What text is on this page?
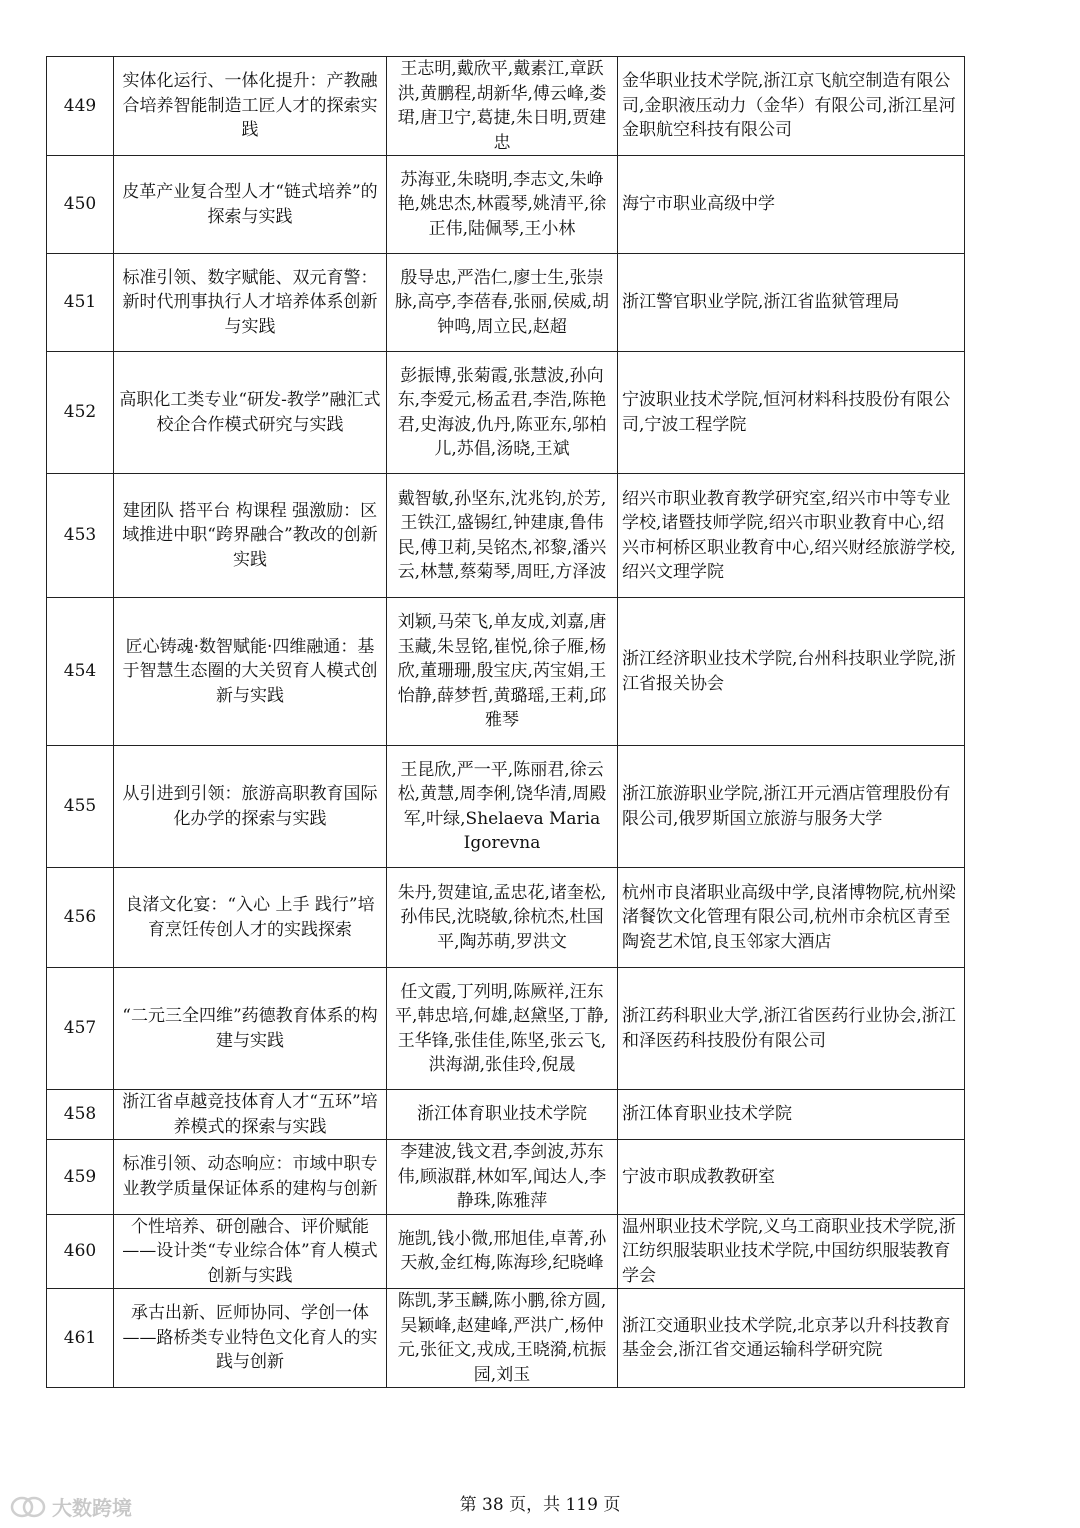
449	实体化运行、一体化提升：产教融合培养智能制造工匠人才的探索实践	王志明,戴欣平,戴素江,章跃洪,黄鹏程,胡新华,傅云峰,娄珺,唐卫宁,葛捷,朱日明,贾建忠	金华职业技术学院,浙江京飞航空制造有限公司,金职液压动力（金华）有限公司,浙江星河金职航空科技有限公司
450	皮革产业复合型人才“链式培养”的探索与实践	苏海亚,朱晓明,李志文,朱峥艳,姚忠杰,林霞琴,姚清平,徐正伟,陆佩琴,王小林	海宁市职业高级中学
451	标准引领、数字赋能、双元育警：新时代刑事执行人才培养体系创新与实践	殷导忠,严浩仁,廖士生,张崇脉,高亭,李蓓春,张丽,侯威,胡钟鸣,周立民,赵超	浙江警官职业学院,浙江省监狱管理局
452	高职化工类专业“研发-教学”融汇式校企合作模式研究与实践	彭振博,张菊霞,张慧波,孙向东,李爱元,杨孟君,李浩,陈艳君,史海波,仇丹,陈亚东,邬柏儿,苏倡,汤晓,王斌	宁波职业技术学院,恒河材料科技股份有限公司,宁波工程学院
453	建团队 搭平台 构课程 强激励：区域推进中职“跨界融合”教改的创新实践	戴智敏,孙坚东,沈兆钧,於芳,王铁江,盛锡红,钟建康,鲁伟民,傅卫莉,吴铭杰,祁黎,潘兴云,林慧,蔡菊琴,周旺,方泽波	绍兴市职业教育教学研究室,绍兴市中等专业学校,诸暨技师学院,绍兴市职业教育中心,绍兴市柯桥区职业教育中心,绍兴财经旅游学校,绍兴文理学院
454	匠心铸魂·数智赋能·四维融通：基于智慧生态圈的大关贸育人模式创新与实践	刘颖,马荣飞,单友成,刘嘉,唐玉藏,朱昱铭,崔悦,徐子雁,杨欣,董珊珊,殷宝庆,芮宝娟,王怡静,薛梦哲,黄璐瑶,王莉,邱雅琴	浙江经济职业技术学院,台州科技职业学院,浙江省报关协会
455	从引进到引领：旅游高职教育国际化办学的探索与实践	王昆欣,严一平,陈丽君,徐云松,黄慧,周李俐,饶华清,周殿军,叶绿,Shelaeva Maria Igorevna	浙江旅游职业学院,浙江开元酒店管理股份有限公司,俄罗斯国立旅游与服务大学
456	良渚文化宴：“入心 上手 践行”培育烹饪传创人才的实践探索	朱丹,贺建谊,孟忠花,诸奎松,孙伟民,沈晓敏,徐杭杰,杜国平,陶苏萌,罗洪文	杭州市良渚职业高级中学,良渚博物院,杭州梁渚餐饮文化管理有限公司,杭州市余杭区青至陶瓷艺术馆,良玉邻家大酒店
457	“二元三全四维”药德教育体系的构建与实践	任文霞,丁列明,陈厥祥,汪东平,韩忠培,何雄,赵黛坚,丁静,王华锋,张佳佳,陈坚,张云飞,洪海湖,张佳玲,倪晟	浙江药科职业大学,浙江省医药行业协会,浙江和泽医药科技股份有限公司
458	浙江省卓越竞技体育人才“五环”培养模式的探索与实践	浙江体育职业技术学院	浙江体育职业技术学院
459	标准引领、动态响应：市域中职专业教学质量保证体系的建构与创新	李建波,钱文君,李剑波,苏东伟,顾淑群,林如军,闻达人,李静珠,陈雅萍	宁波市职成教教研室
460	个性培养、研创融合、评价赋能——设计类“专业综合体”育人模式创新与实践	施凯,钱小微,邢旭佳,卓菁,孙天赦,金红梅,陈海珍,纪晓峰	温州职业技术学院,义乌工商职业技术学院,浙江纺织服装职业技术学院,中国纺织服装教育学会
461	承古出新、匠师协同、学创一体——路桥类专业特色文化育人的实践与创新	陈凯,茅玉麟,陈小鹏,徐方圆,吴颖峰,赵建峰,严洪广,杨仲元,张征文,戎成,王晓漪,杭振园,刘玉	浙江交通职业技术学院,北京茅以升科技教育基金会,浙江省交通运输科学研究院
大数跨境	第 38 页，共 119 页
